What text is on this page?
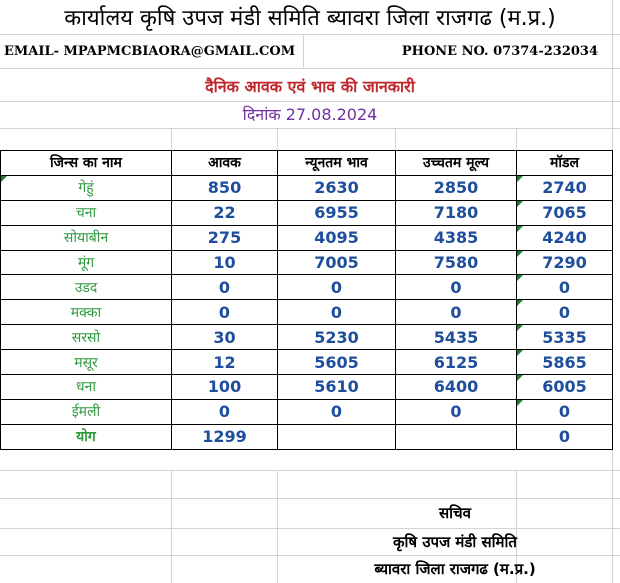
कार्यालय कृषि उपज मंडी समिति ब्यावरा जिला राजगढ (म.प्र.)
EMAIL- MPAPMCBIAORA@GMAIL.COM	PHONE NO. 07374-232034
दैनिक आवक एवं भाव की जानकारी
दिनांक 27.08.2024
जिन्स का नाम	आवक	न्यूनतम भाव	उच्चतम मूल्य	मॉडल
गेहुं	850	2630	2850	2740
चना	22	6955	7180	7065
सोयाबीन	275	4095	4385	4240
मूंग	10	7005	7580	7290
उडद	0	0	0	0
मक्का	0	0	0	0
सरसो	30	5230	5435	5335
मसूर	12	5605	6125	5865
धना	100	5610	6400	6005
ईमली	0	0	0	0
योग	1299			0
सचिव
कृषि उपज मंडी समिति
ब्यावरा जिला राजगढ (म.प्र.)
